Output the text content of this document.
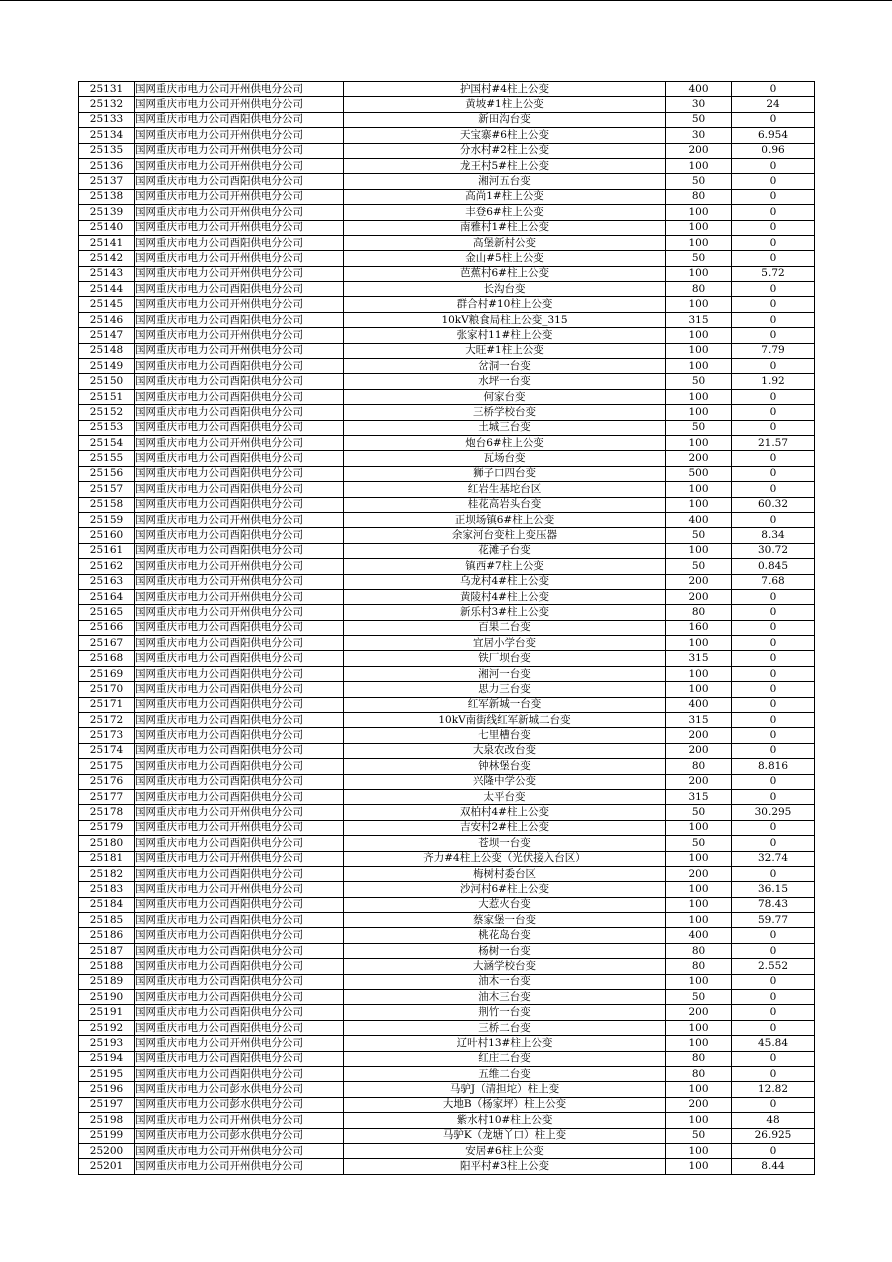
25131	国网重庆市电力公司开州供电分公司	护国村#4柱上公变	400	0
25132	国网重庆市电力公司开州供电分公司	黄坡#1柱上公变	30	24
25133	国网重庆市电力公司酉阳供电分公司	新田沟台变	50	0
25134	国网重庆市电力公司开州供电分公司	天宝寨#6柱上公变	30	6.954
25135	国网重庆市电力公司开州供电分公司	分水村#2柱上公变	200	0.96
25136	国网重庆市电力公司开州供电分公司	龙王村5#柱上公变	100	0
25137	国网重庆市电力公司酉阳供电分公司	湘河五台变	50	0
25138	国网重庆市电力公司开州供电分公司	高尚1#柱上公变	80	0
25139	国网重庆市电力公司开州供电分公司	丰登6#柱上公变	100	0
25140	国网重庆市电力公司开州供电分公司	南雅村1#柱上公变	100	0
25141	国网重庆市电力公司酉阳供电分公司	高堡新村公变	100	0
25142	国网重庆市电力公司开州供电分公司	金山#5柱上公变	50	0
25143	国网重庆市电力公司开州供电分公司	芭蕉村6#柱上公变	100	5.72
25144	国网重庆市电力公司酉阳供电分公司	长沟台变	80	0
25145	国网重庆市电力公司开州供电分公司	群合村#10柱上公变	100	0
25146	国网重庆市电力公司酉阳供电分公司	10kV粮食局柱上公变_315	315	0
25147	国网重庆市电力公司开州供电分公司	张家村11#柱上公变	100	0
25148	国网重庆市电力公司开州供电分公司	大旺#1柱上公变	100	7.79
25149	国网重庆市电力公司酉阳供电分公司	岔洞一台变	100	0
25150	国网重庆市电力公司酉阳供电分公司	水坪一台变	50	1.92
25151	国网重庆市电力公司酉阳供电分公司	何家台变	100	0
25152	国网重庆市电力公司酉阳供电分公司	三桥学校台变	100	0
25153	国网重庆市电力公司酉阳供电分公司	土城三台变	50	0
25154	国网重庆市电力公司开州供电分公司	炮台6#柱上公变	100	21.57
25155	国网重庆市电力公司酉阳供电分公司	瓦场台变	200	0
25156	国网重庆市电力公司酉阳供电分公司	狮子口四台变	500	0
25157	国网重庆市电力公司酉阳供电分公司	红岩生基坨台区	100	0
25158	国网重庆市电力公司酉阳供电分公司	桂花高岩头台变	100	60.32
25159	国网重庆市电力公司开州供电分公司	正坝场镇6#柱上公变	400	0
25160	国网重庆市电力公司酉阳供电分公司	余家河台变柱上变压器	50	8.34
25161	国网重庆市电力公司酉阳供电分公司	花滩子台变	100	30.72
25162	国网重庆市电力公司开州供电分公司	镇西#7柱上公变	50	0.845
25163	国网重庆市电力公司开州供电分公司	乌龙村4#柱上公变	200	7.68
25164	国网重庆市电力公司开州供电分公司	黄陵村4#柱上公变	200	0
25165	国网重庆市电力公司开州供电分公司	新乐村3#柱上公变	80	0
25166	国网重庆市电力公司酉阳供电分公司	百果二台变	160	0
25167	国网重庆市电力公司酉阳供电分公司	宜居小学台变	100	0
25168	国网重庆市电力公司酉阳供电分公司	铁厂坝台变	315	0
25169	国网重庆市电力公司酉阳供电分公司	湘河一台变	100	0
25170	国网重庆市电力公司酉阳供电分公司	思力三台变	100	0
25171	国网重庆市电力公司酉阳供电分公司	红军新城一台变	400	0
25172	国网重庆市电力公司酉阳供电分公司	10kV南街线红军新城二台变	315	0
25173	国网重庆市电力公司酉阳供电分公司	七里槽台变	200	0
25174	国网重庆市电力公司酉阳供电分公司	大泉农改台变	200	0
25175	国网重庆市电力公司酉阳供电分公司	钟林堡台变	80	8.816
25176	国网重庆市电力公司酉阳供电分公司	兴隆中学公变	200	0
25177	国网重庆市电力公司酉阳供电分公司	太平台变	315	0
25178	国网重庆市电力公司开州供电分公司	双柏村4#柱上公变	50	30.295
25179	国网重庆市电力公司开州供电分公司	吉安村2#柱上公变	100	0
25180	国网重庆市电力公司酉阳供电分公司	苍坝一台变	50	0
25181	国网重庆市电力公司开州供电分公司	齐力#4柱上公变（光伏接入台区）	100	32.74
25182	国网重庆市电力公司酉阳供电分公司	梅树村委台区	200	0
25183	国网重庆市电力公司开州供电分公司	沙河村6#柱上公变	100	36.15
25184	国网重庆市电力公司酉阳供电分公司	大惹火台变	100	78.43
25185	国网重庆市电力公司酉阳供电分公司	蔡家堡一台变	100	59.77
25186	国网重庆市电力公司酉阳供电分公司	桃花岛台变	400	0
25187	国网重庆市电力公司酉阳供电分公司	杨树一台变	80	0
25188	国网重庆市电力公司酉阳供电分公司	大涵学校台变	80	2.552
25189	国网重庆市电力公司酉阳供电分公司	油木一台变	100	0
25190	国网重庆市电力公司酉阳供电分公司	油木三台变	50	0
25191	国网重庆市电力公司酉阳供电分公司	荆竹一台变	200	0
25192	国网重庆市电力公司酉阳供电分公司	三桥二台变	100	0
25193	国网重庆市电力公司开州供电分公司	辽叶村13#柱上公变	100	45.84
25194	国网重庆市电力公司酉阳供电分公司	红庄二台变	80	0
25195	国网重庆市电力公司酉阳供电分公司	五维二台变	80	0
25196	国网重庆市电力公司彭水供电分公司	马驴J（清担坨）柱上变	100	12.82
25197	国网重庆市电力公司彭水供电分公司	大地B（杨家坪）柱上公变	200	0
25198	国网重庆市电力公司开州供电分公司	紫水村10#柱上公变	100	48
25199	国网重庆市电力公司彭水供电分公司	马驴K（龙塘丫口）柱上变	50	26.925
25200	国网重庆市电力公司开州供电分公司	安居#6柱上公变	100	0
25201	国网重庆市电力公司开州供电分公司	阳平村#3柱上公变	100	8.44
